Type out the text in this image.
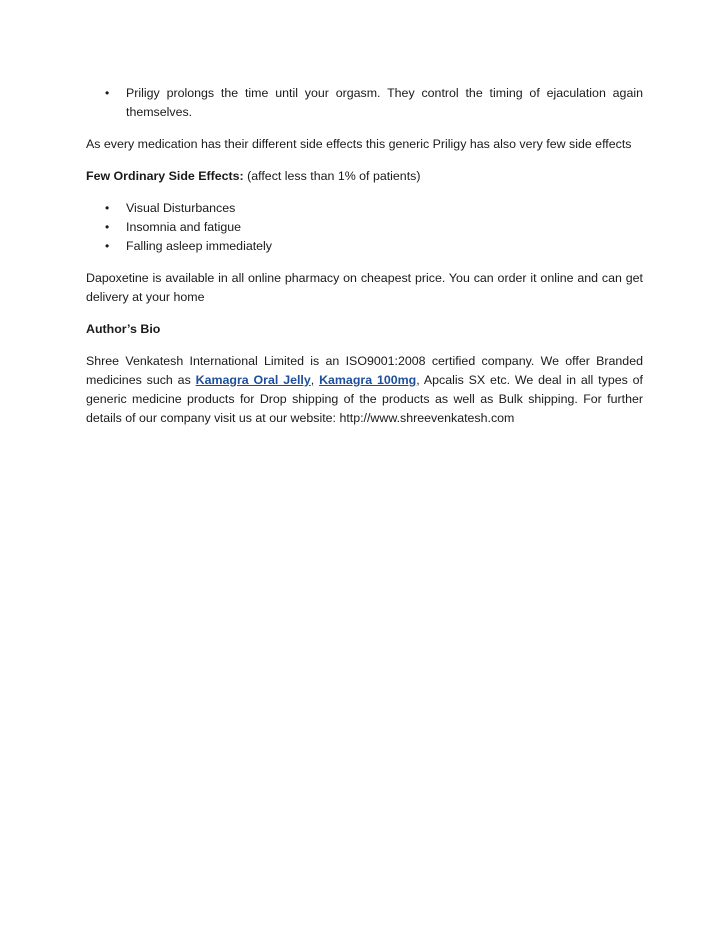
• Priligy prolongs the time until your orgasm. They control the timing of ejaculation again themselves.

As every medication has their different side effects this generic Priligy has also very few side effects

Few Ordinary Side Effects: (affect less than 1% of patients)

• Visual Disturbances
• Insomnia and fatigue
• Falling asleep immediately

Dapoxetine is available in all online pharmacy on cheapest price. You can order it online and can get delivery at your home

Author’s Bio

Shree Venkatesh International Limited is an ISO9001:2008 certified company. We offer Branded medicines such as Kamagra Oral Jelly, Kamagra 100mg, Apcalis SX etc. We deal in all types of generic medicine products for Drop shipping of the products as well as Bulk shipping. For further details of our company visit us at our website: http://www.shreevenkatesh.com
